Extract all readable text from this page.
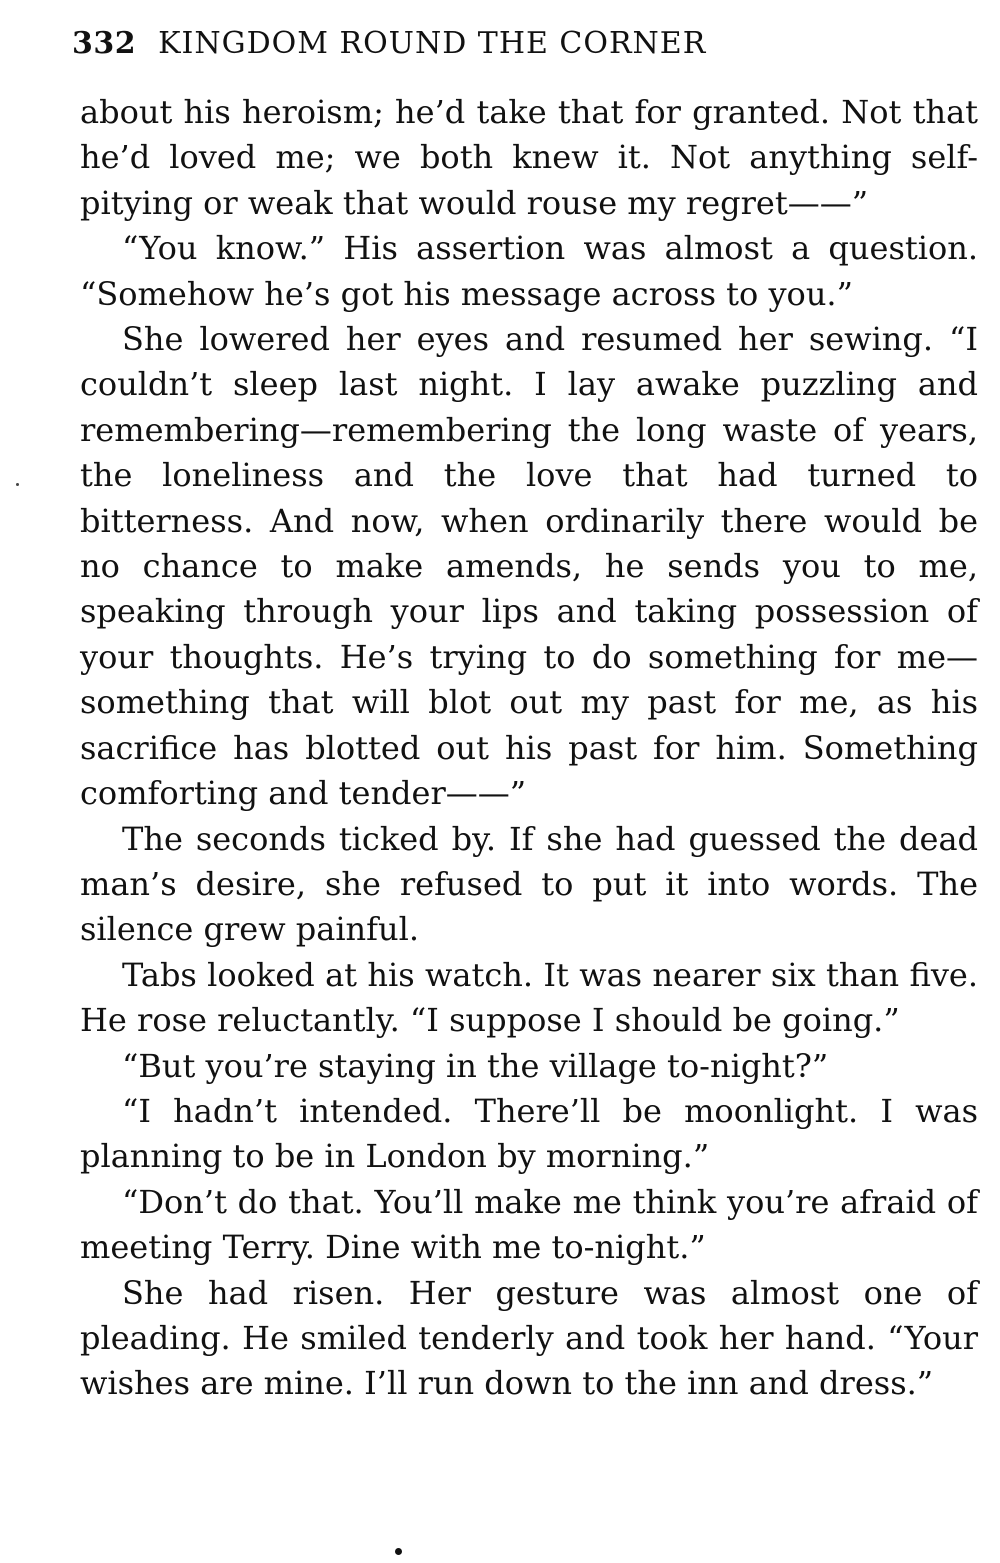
332 KINGDOM ROUND THE CORNER

about his heroism; he’d take that for granted. Not that he’d loved me; we both knew it. Not anything self-pitying or weak that would rouse my regret——”

“You know.” His assertion was almost a question. “Somehow he’s got his message across to you.”

She lowered her eyes and resumed her sewing. “I couldn’t sleep last night. I lay awake puzzling and remembering—remembering the long waste of years, the loneliness and the love that had turned to bitterness. And now, when ordinarily there would be no chance to make amends, he sends you to me, speaking through your lips and taking possession of your thoughts. He’s trying to do something for me—something that will blot out my past for me, as his sacrifice has blotted out his past for him. Something comforting and tender——”

The seconds ticked by. If she had guessed the dead man’s desire, she refused to put it into words. The silence grew painful.

Tabs looked at his watch. It was nearer six than five. He rose reluctantly. “I suppose I should be going.”

“But you’re staying in the village to-night?”

“I hadn’t intended. There’ll be moonlight. I was planning to be in London by morning.”

“Don’t do that. You’ll make me think you’re afraid of meeting Terry. Dine with me to-night.”

She had risen. Her gesture was almost one of pleading. He smiled tenderly and took her hand. “Your wishes are mine. I’ll run down to the inn and dress.”
